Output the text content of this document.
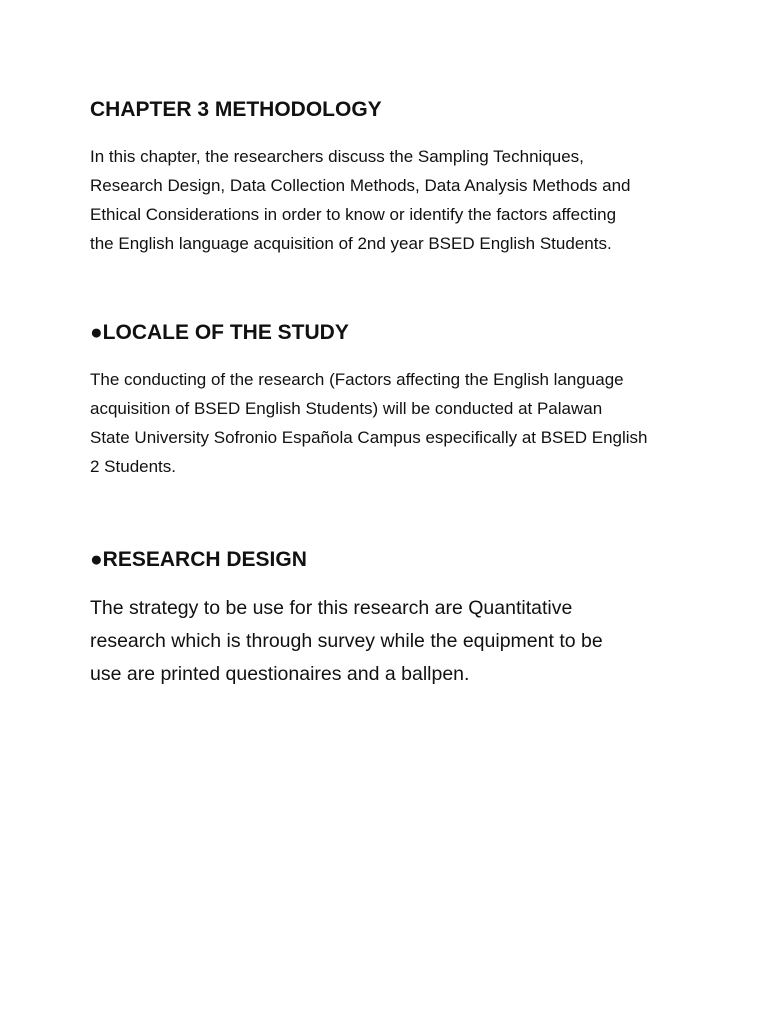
CHAPTER 3 METHODOLOGY

In this chapter, the researchers discuss the Sampling Techniques,
Research Design, Data Collection Methods, Data Analysis Methods and
Ethical Considerations in order to know or identify the factors affecting
the English language acquisition of 2nd year BSED English Students.

●LOCALE OF THE STUDY

The conducting of the research (Factors affecting the English language
acquisition of BSED English Students) will be conducted at Palawan
State University Sofronio Española Campus especifically at BSED English
2 Students.

●RESEARCH DESIGN

The strategy to be use for this research are Quantitative
research which is through survey while the equipment to be
use are printed questionaires and a ballpen.
